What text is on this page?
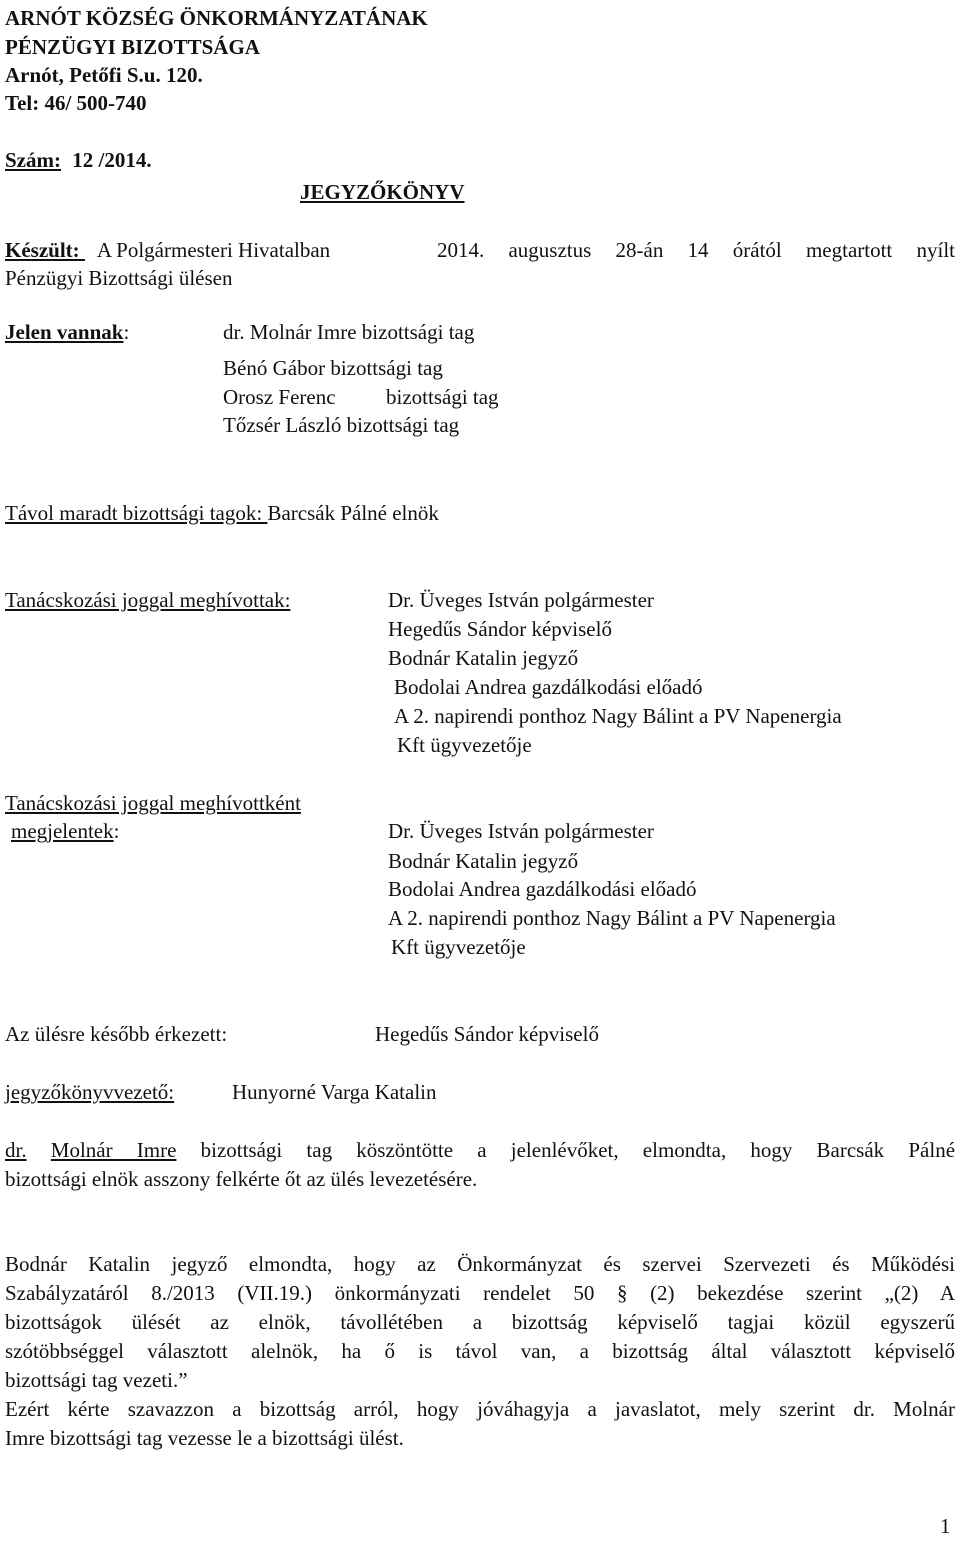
ARNÓT KÖZSÉG ÖNKORMÁNYZATÁNAK
PÉNZÜGYI BIZOTTSÁGA
Arnót, Petőfi S.u. 120.
Tel: 46/ 500-740
Szám: 12 /2014.
JEGYZŐKÖNYV
Készült: A Polgármesteri Hivatalban	2014. augusztus 28-án 14 órától megtartott nyílt
Pénzügyi Bizottsági ülésen
Jelen vannak:	dr. Molnár Imre bizottsági tag
Bénó Gábor bizottsági tag
Orosz Ferenc bizottsági tag
Tőzsér László bizottsági tag
Távol maradt bizottsági tagok: Barcsák Pálné elnök
Tanácskozási joggal meghívottak:	Dr. Üveges István polgármester
Hegedűs Sándor képviselő
Bodnár Katalin jegyző
Bodolai Andrea gazdálkodási előadó
A 2. napirendi ponthoz Nagy Bálint a PV Napenergia
Kft ügyvezetője
Tanácskozási joggal meghívottként
megjelentek:	Dr. Üveges István polgármester
Bodnár Katalin jegyző
Bodolai Andrea gazdálkodási előadó
A 2. napirendi ponthoz Nagy Bálint a PV Napenergia
Kft ügyvezetője
Az ülésre később érkezett:	Hegedűs Sándor képviselő
jegyzőkönyvvezető:	Hunyorné Varga Katalin
dr. Molnár Imre bizottsági tag köszöntötte a jelenlévőket, elmondta, hogy Barcsák Pálné
bizottsági elnök asszony felkérte őt az ülés levezetésére.
Bodnár Katalin jegyző elmondta, hogy az Önkormányzat és szervei Szervezeti és Működési
Szabályzatáról 8./2013 (VII.19.) önkormányzati rendelet 50 § (2) bekezdése szerint „(2) A
bizottságok ülését az elnök, távollétében a bizottság képviselő tagjai közül egyszerű
szótöbbséggel választott alelnök, ha ő is távol van, a bizottság által választott képviselő
bizottsági tag vezeti.”
Ezért kérte szavazzon a bizottság arról, hogy jóváhagyja a javaslatot, mely szerint dr. Molnár
Imre bizottsági tag vezesse le a bizottsági ülést.
1
